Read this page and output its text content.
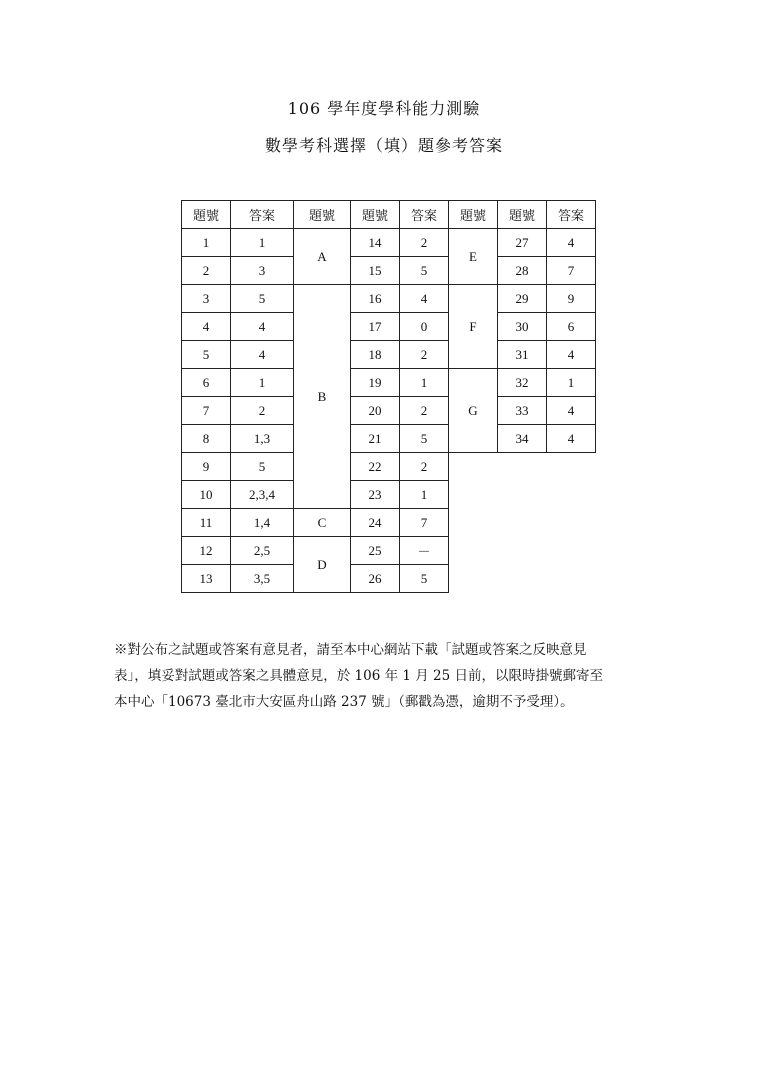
106 學年度學科能力測驗
數學考科選擇（填）題參考答案
題號	答案	題號	題號	答案	題號	題號	答案
1	1	A	14	2	E	27	4
2	3		15	5		28	7
3	5	B	16	4	F	29	9
4	4		17	0		30	6
5	4		18	2		31	4
6	1		19	1	G	32	1
7	2		20	2		33	4
8	1,3		21	5		34	4
9	5		22	2			
10	2,3,4		23	1			
11	1,4	C	24	7			
12	2,5	D	25	－			
13	3,5		26	5			
※對公布之試題或答案有意見者，請至本中心網站下載「試題或答案之反映意見
表」，填妥對試題或答案之具體意見，於 106 年 1 月 25 日前，以限時掛號郵寄至
本中心「10673 臺北市大安區舟山路 237 號」（郵戳為憑，逾期不予受理）。
